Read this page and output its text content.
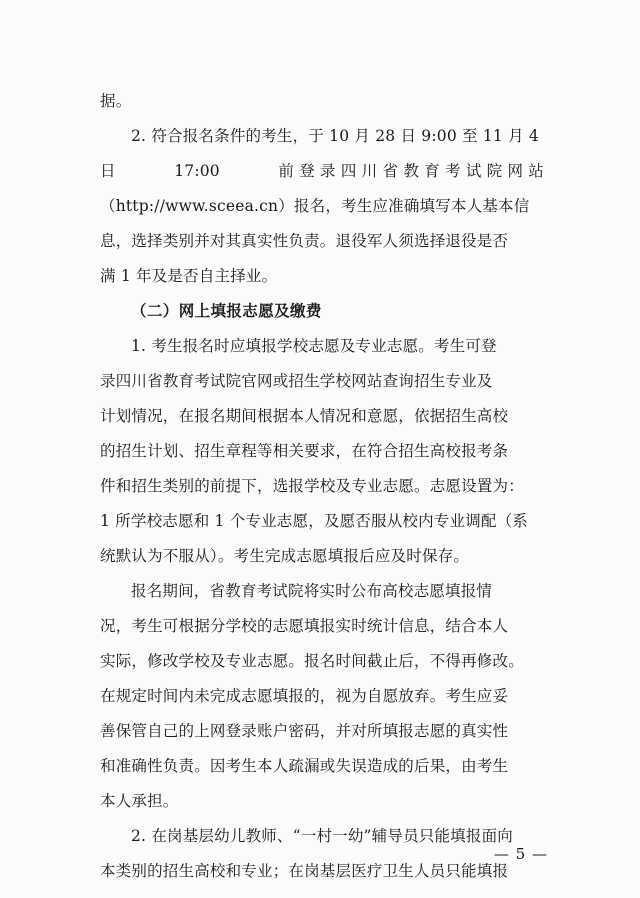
据。

2. 符合报名条件的考生，于 10 月 28 日 9:00 至 11 月 4
日	17:00	前 登 录 四 川 省 教 育 考 试 院 网 站
（http://www.sceea.cn）报名，考生应准确填写本人基本信
息，选择类别并对其真实性负责。退役军人须选择退役是否
满 1 年及是否自主择业。

（二）网上填报志愿及缴费

1. 考生报名时应填报学校志愿及专业志愿。考生可登
录四川省教育考试院官网或招生学校网站查询招生专业及
计划情况，在报名期间根据本人情况和意愿，依据招生高校
的招生计划、招生章程等相关要求，在符合招生高校报考条
件和招生类别的前提下，选报学校及专业志愿。志愿设置为：
1 所学校志愿和 1 个专业志愿，及愿否服从校内专业调配（系
统默认为不服从）。考生完成志愿填报后应及时保存。

报名期间，省教育考试院将实时公布高校志愿填报情
况，考生可根据分学校的志愿填报实时统计信息，结合本人
实际，修改学校及专业志愿。报名时间截止后，不得再修改。
在规定时间内未完成志愿填报的，视为自愿放弃。考生应妥
善保管自己的上网登录账户密码，并对所填报志愿的真实性
和准确性负责。因考生本人疏漏或失误造成的后果，由考生
本人承担。

2. 在岗基层幼儿教师、“一村一幼”辅导员只能填报面向
本类别的招生高校和专业；在岗基层医疗卫生人员只能填报

— 5 —
